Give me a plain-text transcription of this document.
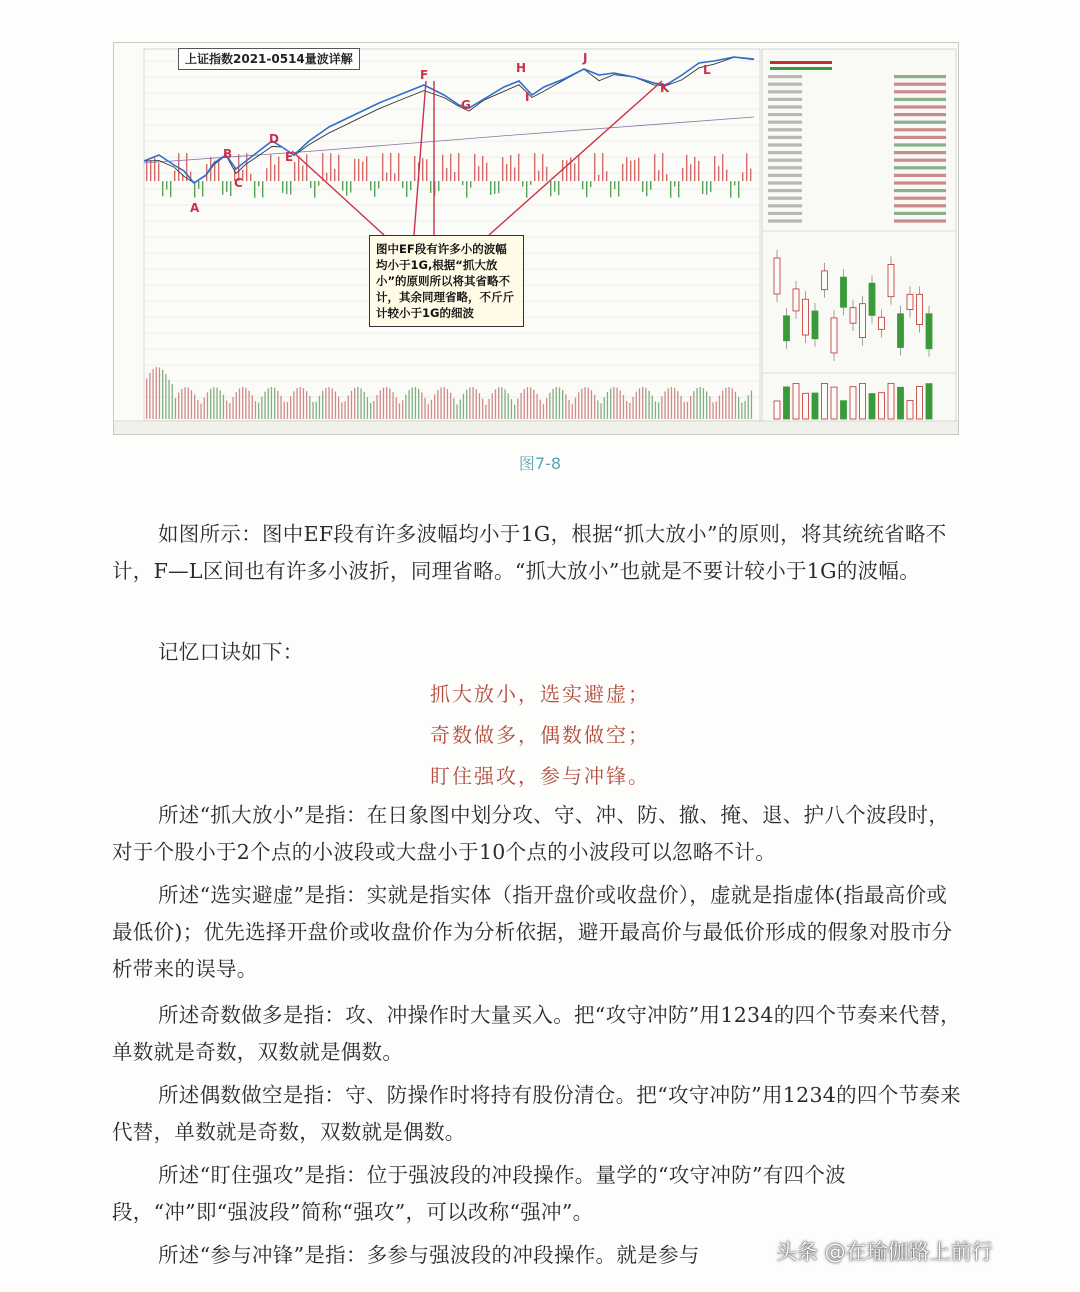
上证指数2021-0514量波详解
A
B
C
D
E
F
G
H
I
J
K
L
图中EF段有许多小的波幅均小于1G,根据“抓大放小”的原则所以将其省略不计，其余同理省略，不斤斤计较小于1G的细波
图7-8

如图所示：图中EF段有许多波幅均小于1G，根据“抓大放小”的原则，将其统统省略不计，F—L区间也有许多小波折，同理省略。“抓大放小”也就是不要计较小于1G的波幅。

记忆口诀如下：

抓大放小，选实避虚；
奇数做多，偶数做空；
盯住强攻，参与冲锋。

所述“抓大放小”是指：在日象图中划分攻、守、冲、防、撤、掩、退、护八个波段时，对于个股小于2个点的小波段或大盘小于10个点的小波段可以忽略不计。

所述“选实避虚”是指：实就是指实体（指开盘价或收盘价），虚就是指虚体(指最高价或最低价)；优先选择开盘价或收盘价作为分析依据，避开最高价与最低价形成的假象对股市分析带来的误导。

所述奇数做多是指：攻、冲操作时大量买入。把“攻守冲防”用1234的四个节奏来代替，单数就是奇数，双数就是偶数。

所述偶数做空是指：守、防操作时将持有股份清仓。把“攻守冲防”用1234的四个节奏来代替，单数就是奇数，双数就是偶数。

所述“盯住强攻”是指：位于强波段的冲段操作。量学的“攻守冲防”有四个波段，“冲”即“强波段”简称“强攻”，可以改称“强冲”。

所述“参与冲锋”是指：多参与强波段的冲段操作。就是参与	头条 @在瑜伽路上前行
